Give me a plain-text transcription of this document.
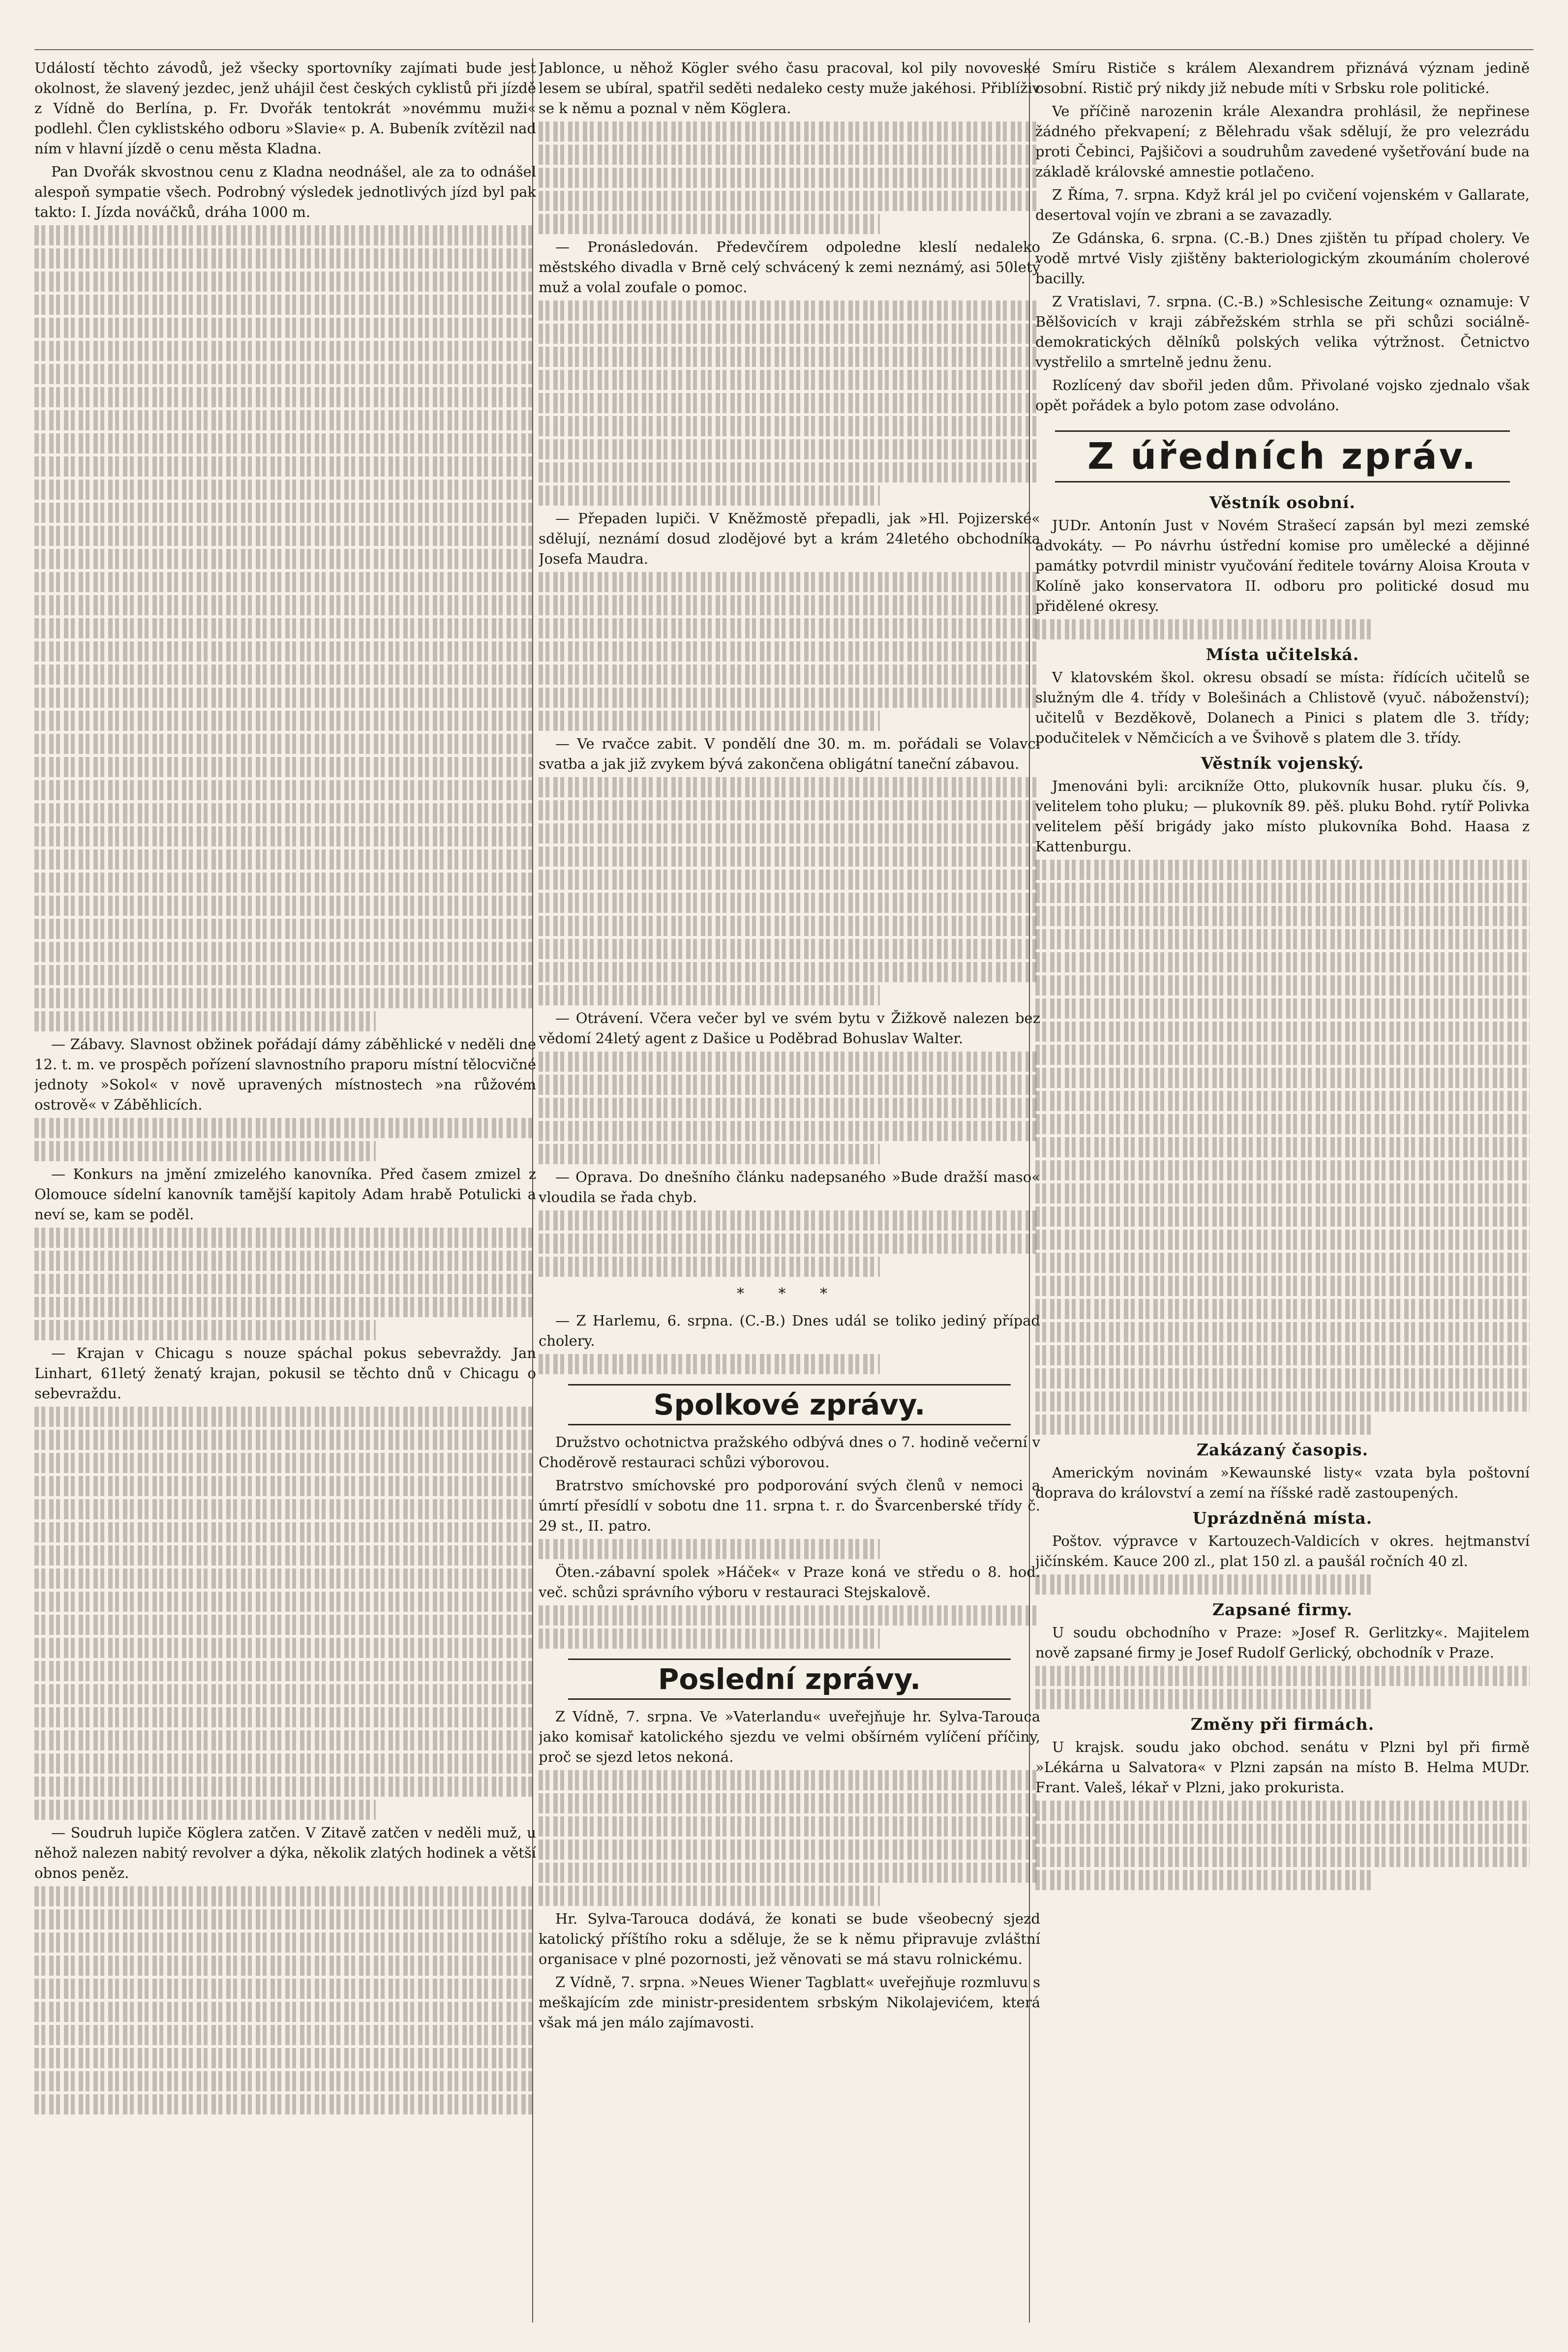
Událostí těchto závodů, jež všecky sportovníky zajímati bude jest okolnost, že slavený jezdec, jenž uhájil čest českých cyklistů při jízdě z Vídně do Berlína, p. Fr. Dvořák tentokrát »novémmu muži« podlehl. Člen cyklistského odboru »Slavie« p. A. Bubeník zvítězil nad ním v hlavní jízdě o cenu města Kladna.

Pan Dvořák skvostnou cenu z Kladna neodnášel, ale za to odnášel alespoň sympatie všech. Podrobný výsledek jednotlivých jízd byl pak takto: I. Jízda nováčků, dráha 1000 m.

— Zábavy. Slavnost obžinek pořádají dámy záběhlické v neděli dne 12. t. m. ve prospěch pořízení slavnostního praporu místní tělocvičné jednoty »Sokol« v nově upravených místnostech »na růžovém ostrově« v Záběhlicích.

— Konkurs na jmění zmizelého kanovníka. Před časem zmizel z Olomouce sídelní kanovník tamější kapitoly Adam hrabě Potulicki a neví se, kam se poděl.

— Krajan v Chicagu s nouze spáchal pokus sebevraždy. Jan Linhart, 61letý ženatý krajan, pokusil se těchto dnů v Chicagu o sebevraždu.

— Soudruh lupiče Köglera zatčen. V Zitavě zatčen v neděli muž, u něhož nalezen nabitý revolver a dýka, několik zlatých hodinek a větší obnos peněz.

Jablonce, u něhož Kögler svého času pracoval, kol pily novoveské lesem se ubíral, spatřil seděti nedaleko cesty muže jakéhosi. Přiblíživ se k němu a poznal v něm Köglera.

— Pronásledován. Předevčírem odpoledne kleslí nedaleko městského divadla v Brně celý schvácený k zemi neznámý, asi 50letý muž a volal zoufale o pomoc.

— Přepaden lupiči. V Kněžmostě přepadli, jak »Hl. Pojizerské« sdělují, neznámí dosud zlodějové byt a krám 24letého obchodníka Josefa Maudra.

— Ve rvačce zabit. V pondělí dne 30. m. m. pořádali se Volavci svatba a jak již zvykem bývá zakončena obligátní taneční zábavou.

— Otrávení. Včera večer byl ve svém bytu v Žižkově nalezen bez vědomí 24letý agent z Dašice u Poděbrad Bohuslav Walter.

— Oprava. Do dnešního článku nadepsaného »Bude dražší maso« vloudila se řada chyb.

* * *

— Z Harlemu, 6. srpna. (C.-B.) Dnes udál se toliko jediný případ cholery.

Spolkové zprávy.

Družstvo ochotnictva pražského odbývá dnes o 7. hodině večerní v Choděrově restauraci schůzi výborovou.

Bratrstvo smíchovské pro podporování svých členů v nemoci a úmrtí přesídlí v sobotu dne 11. srpna t. r. do Švarcenberské třídy č. 29 st., II. patro.

Öten.-zábavní spolek »Háček« v Praze koná ve středu o 8. hod. več. schůzi správního výboru v restauraci Stejskalově.

Poslední zprávy.

Z Vídně, 7. srpna. Ve »Vaterlandu« uveřejňuje hr. Sylva-Tarouca jako komisař katolického sjezdu ve velmi obšírném vylíčení příčiny, proč se sjezd letos nekoná.

Hr. Sylva-Tarouca dodává, že konati se bude všeobecný sjezd katolický příštího roku a sděluje, že se k němu připravuje zvláštní organisace v plné pozornosti, jež věnovati se má stavu rolnickému.

Z Vídně, 7. srpna. »Neues Wiener Tagblatt« uveřejňuje rozmluvu s meškajícím zde ministr-presidentem srbským Nikolajevićem, která však má jen málo zajímavosti.

Smíru Rističe s králem Alexandrem přiznává význam jedině osobní. Ristič prý nikdy již nebude míti v Srbsku role politické.

Ve příčině narozenin krále Alexandra prohlásil, že nepřinese žádného překvapení; z Bělehradu však sdělují, že pro velezrádu proti Čebinci, Pajšičovi a soudruhům zavedené vyšetřování bude na základě královské amnestie potlačeno.

Z Říma, 7. srpna. Když král jel po cvičení vojenském v Gallarate, desertoval vojín ve zbrani a se zavazadly.

Ze Gdánska, 6. srpna. (C.-B.) Dnes zjištěn tu případ cholery. Ve vodě mrtvé Visly zjištěny bakteriologickým zkoumáním cholerové bacilly.

Z Vratislavi, 7. srpna. (C.-B.) »Schlesische Zeitung« oznamuje: V Bělšovicích v kraji zábřežském strhla se při schůzi sociálně-demokratických dělníků polských velika výtržnost. Četnictvo vystřelilo a smrtelně jednu ženu.

Rozlícený dav sbořil jeden dům. Přivolané vojsko zjednalo však opět pořádek a bylo potom zase odvoláno.

Z úředních zpráv.
Věstník osobní.

JUDr. Antonín Just v Novém Strašecí zapsán byl mezi zemské advokáty. — Po návrhu ústřední komise pro umělecké a dějinné památky potvrdil ministr vyučování ředitele továrny Aloisa Krouta v Kolíně jako konservatora II. odboru pro politické dosud mu přidělené okresy.

Místa učitelská.

V klatovském škol. okresu obsadí se místa: řídících učitelů se služným dle 4. třídy v Bolešinách a Chlistově (vyuč. náboženství); učitelů v Bezděkově, Dolanech a Pinici s platem dle 3. třídy; podučitelek v Němčicích a ve Švihově s platem dle 3. třídy.

Věstník vojenský.

Jmenováni byli: arcikníže Otto, plukovník husar. pluku čís. 9, velitelem toho pluku; — plukovník 89. pěš. pluku Bohd. rytíř Polivka velitelem pěší brigády jako místo plukovníka Bohd. Haasa z Kattenburgu.

Zakázaný časopis.

Americkým novinám »Kewaunské listy« vzata byla poštovní doprava do království a zemí na říšské radě zastoupených.

Uprázdněná místa.

Poštov. výpravce v Kartouzech-Valdicích v okres. hejtmanství jičínském. Kauce 200 zl., plat 150 zl. a paušál ročních 40 zl.

Zapsané firmy.

U soudu obchodního v Praze: »Josef R. Gerlitzky«. Majitelem nově zapsané firmy je Josef Rudolf Gerlický, obchodník v Praze.

Změny při firmách.

U krajsk. soudu jako obchod. senátu v Plzni byl při firmě »Lékárna u Salvatora« v Plzni zapsán na místo B. Helma MUDr. Frant. Valeš, lékař v Plzni, jako prokurista.
